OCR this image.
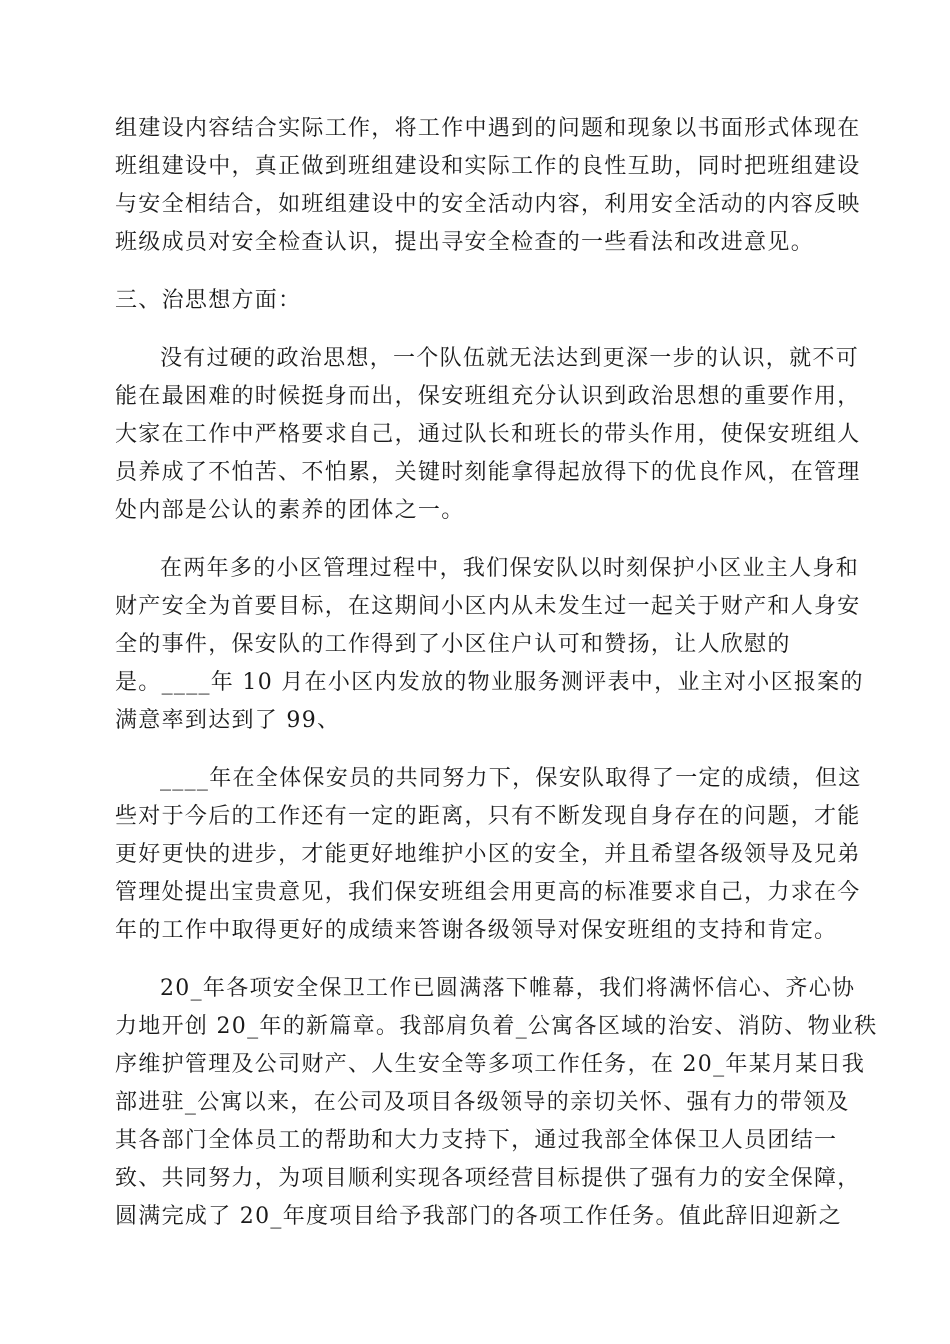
组建设内容结合实际工作，将工作中遇到的问题和现象以书面形式体现在
班组建设中，真正做到班组建设和实际工作的良性互助，同时把班组建设
与安全相结合，如班组建设中的安全活动内容，利用安全活动的内容反映
班级成员对安全检查认识，提出寻安全检查的一些看法和改进意见。
三、治思想方面：
没有过硬的政治思想，一个队伍就无法达到更深一步的认识，就不可
能在最困难的时候挺身而出，保安班组充分认识到政治思想的重要作用，
大家在工作中严格要求自己，通过队长和班长的带头作用，使保安班组人
员养成了不怕苦、不怕累，关键时刻能拿得起放得下的优良作风，在管理
处内部是公认的素养的团体之一。
在两年多的小区管理过程中，我们保安队以时刻保护小区业主人身和
财产安全为首要目标，在这期间小区内从未发生过一起关于财产和人身安
全的事件，保安队的工作得到了小区住户认可和赞扬，让人欣慰的
是。____年 10 月在小区内发放的物业服务测评表中，业主对小区报案的
满意率到达到了 99、
____年在全体保安员的共同努力下，保安队取得了一定的成绩，但这
些对于今后的工作还有一定的距离，只有不断发现自身存在的问题，才能
更好更快的进步，才能更好地维护小区的安全，并且希望各级领导及兄弟
管理处提出宝贵意见，我们保安班组会用更高的标准要求自己，力求在今
年的工作中取得更好的成绩来答谢各级领导对保安班组的支持和肯定。
20_年各项安全保卫工作已圆满落下帷幕，我们将满怀信心、齐心协
力地开创 20_年的新篇章。我部肩负着_公寓各区域的治安、消防、物业秩
序维护管理及公司财产、人生安全等多项工作任务，在 20_年某月某日我
部进驻_公寓以来，在公司及项目各级领导的亲切关怀、强有力的带领及
其各部门全体员工的帮助和大力支持下，通过我部全体保卫人员团结一
致、共同努力，为项目顺利实现各项经营目标提供了强有力的安全保障，
圆满完成了 20_年度项目给予我部门的各项工作任务。值此辞旧迎新之
